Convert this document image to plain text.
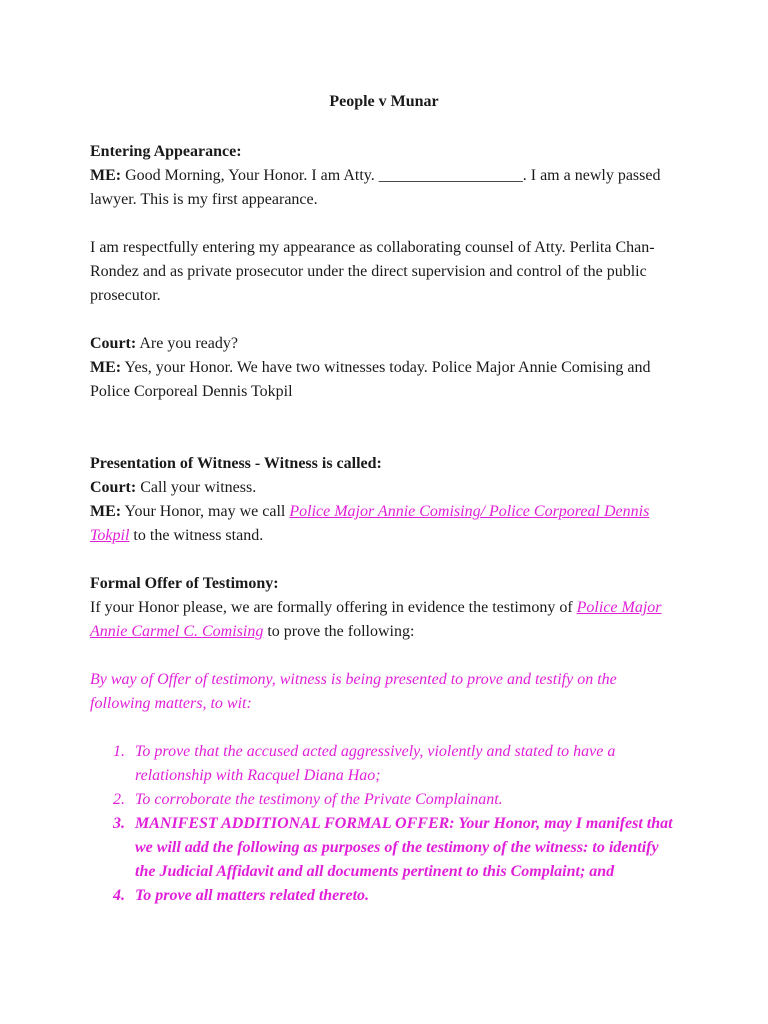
People v Munar

Entering Appearance:

ME: Good Morning, Your Honor. I am Atty. __________________. I am a newly passed lawyer. This is my first appearance.

I am respectfully entering my appearance as collaborating counsel of Atty. Perlita Chan-Rondez and as private prosecutor under the direct supervision and control of the public prosecutor.

Court: Are you ready?

ME: Yes, your Honor. We have two witnesses today. Police Major Annie Comising and Police Corporeal Dennis Tokpil

Presentation of Witness - Witness is called:

Court: Call your witness.

ME: Your Honor, may we call Police Major Annie Comising/ Police Corporeal Dennis Tokpil to the witness stand.

Formal Offer of Testimony:

If your Honor please, we are formally offering in evidence the testimony of Police Major Annie Carmel C. Comising to prove the following:

By way of Offer of testimony, witness is being presented to prove and testify on the following matters, to wit:

1. To prove that the accused acted aggressively, violently and stated to have a relationship with Racquel Diana Hao;
2. To corroborate the testimony of the Private Complainant.
3. MANIFEST ADDITIONAL FORMAL OFFER: Your Honor, may I manifest that we will add the following as purposes of the testimony of the witness: to identify the Judicial Affidavit and all documents pertinent to this Complaint; and
4. To prove all matters related thereto.
